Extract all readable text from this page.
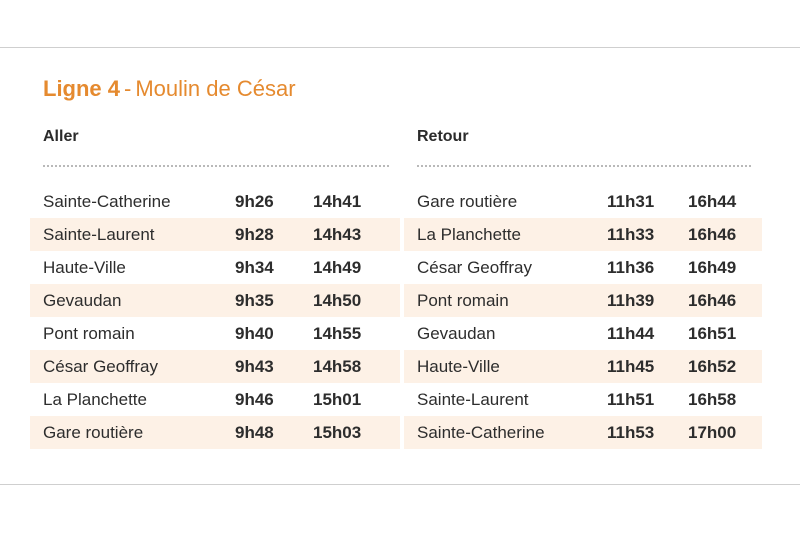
Ligne 4 - Moulin de César
Aller
Sainte-Catherine	9h26 14h41
Sainte-Laurent	9h28 14h43
Haute-Ville	9h34 14h49
Gevaudan	9h35 14h50
Pont romain	9h40 14h55
César Geoffray	9h43 14h58
La Planchette	9h46 15h01
Gare routière	9h48 15h03
Retour
Gare routière	11h31 16h44
La Planchette	11h33 16h46
César Geoffray	11h36 16h49
Pont romain	11h39 16h46
Gevaudan	11h44 16h51
Haute-Ville	11h45 16h52
Sainte-Laurent	11h51 16h58
Sainte-Catherine	11h53 17h00
